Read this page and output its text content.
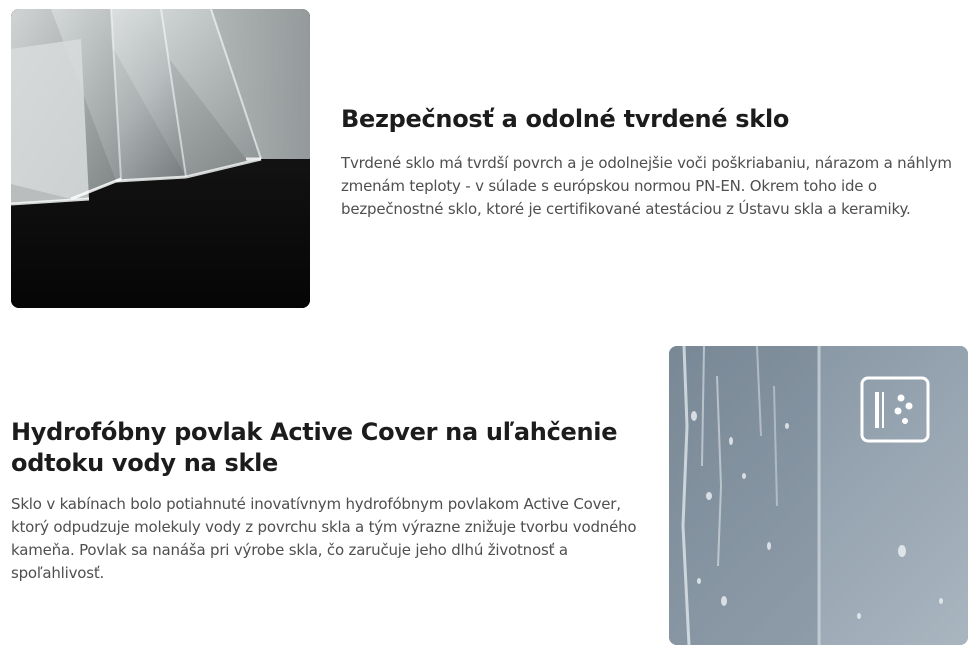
Bezpečnosť a odolné tvrdené sklo

Tvrdené sklo má tvrdší povrch a je odolnejšie voči poškriabaniu, nárazom a náhlym zmenám teploty - v súlade s európskou normou PN-EN. Okrem toho ide o bezpečnostné sklo, ktoré je certifikované atestáciou z Ústavu skla a keramiky.

Hydrofóbny povlak Active Cover na uľahčenie odtoku vody na skle

Sklo v kabínach bolo potiahnuté inovatívnym hydrofóbnym povlakom Active Cover, ktorý odpudzuje molekuly vody z povrchu skla a tým výrazne znižuje tvorbu vodného kameňa. Povlak sa nanáša pri výrobe skla, čo zaručuje jeho dlhú životnosť a spoľahlivosť.
